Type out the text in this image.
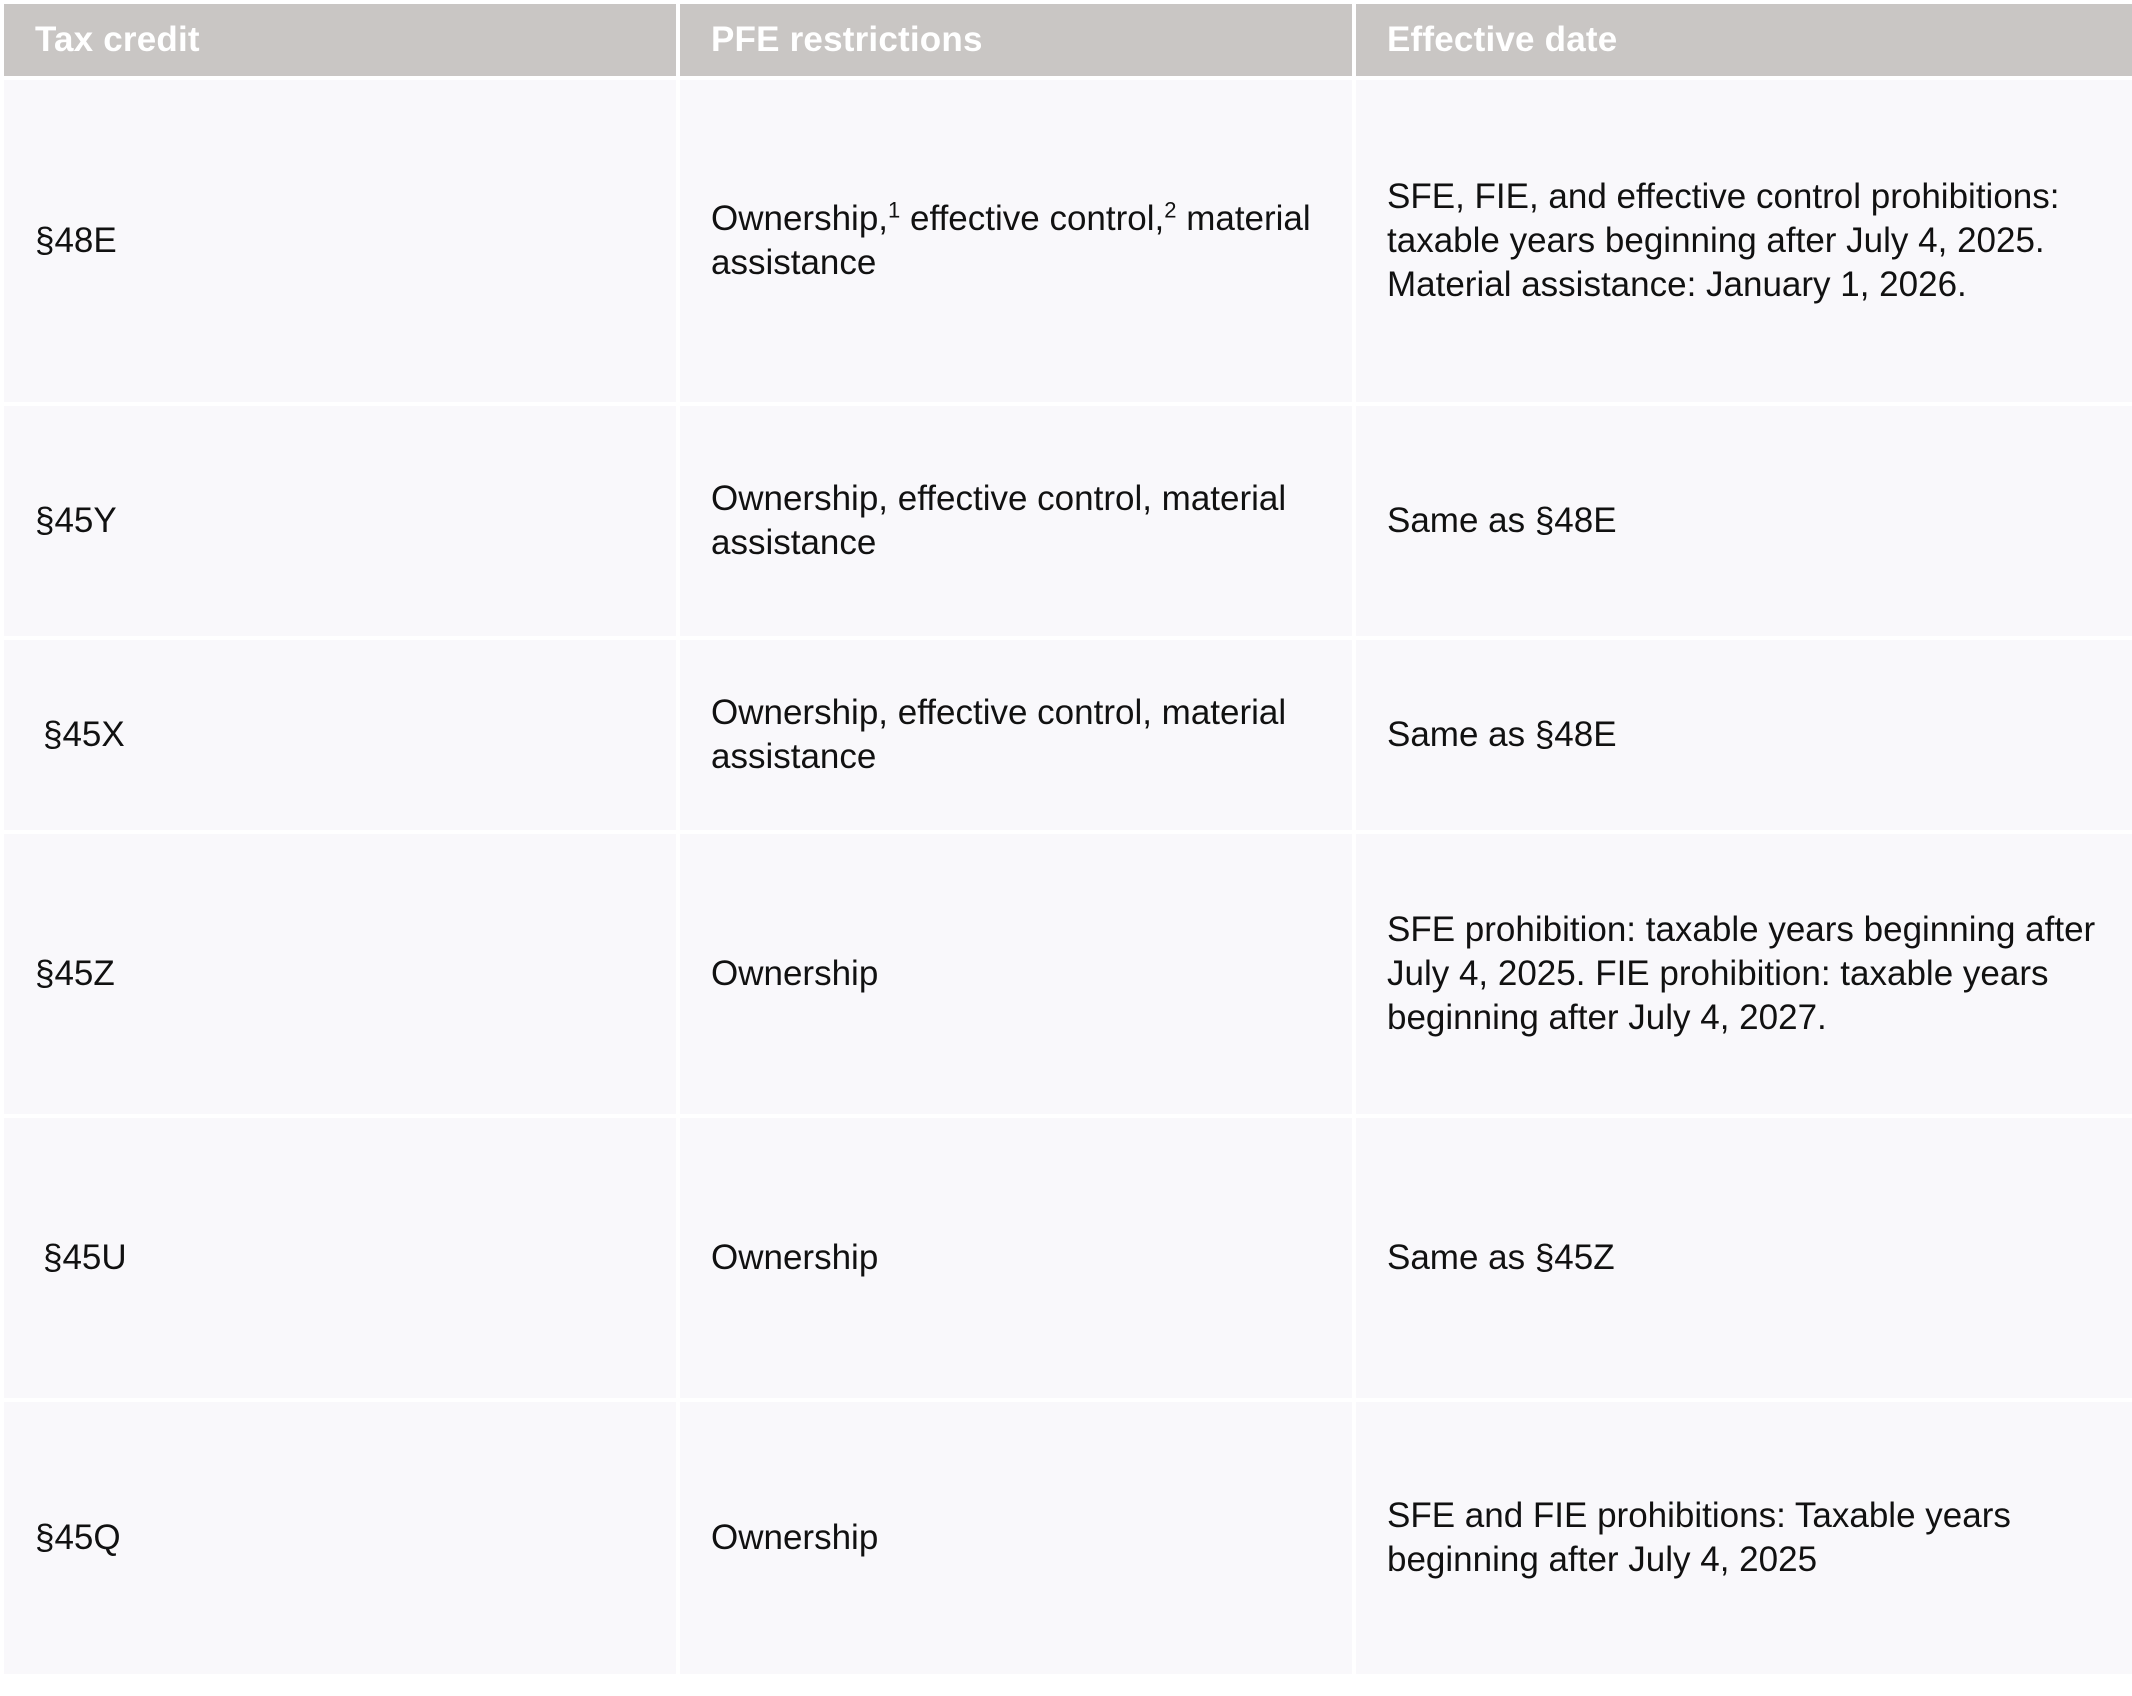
Tax credit	PFE restrictions	Effective date
§48E	Ownership,$^1$ effective control,$^2$ material assistance	SFE, FIE, and effective control prohibitions: taxable years beginning after July 4, 2025. Material assistance: January 1, 2026.
§45Y	Ownership, effective control, material assistance	Same as §48E
§45X	Ownership, effective control, material assistance	Same as §48E
§45Z	Ownership	SFE prohibition: taxable years beginning after July 4, 2025. FIE prohibition: taxable years beginning after July 4, 2027.
§45U	Ownership	Same as §45Z
§45Q	Ownership	SFE and FIE prohibitions: Taxable years beginning after July 4, 2025
